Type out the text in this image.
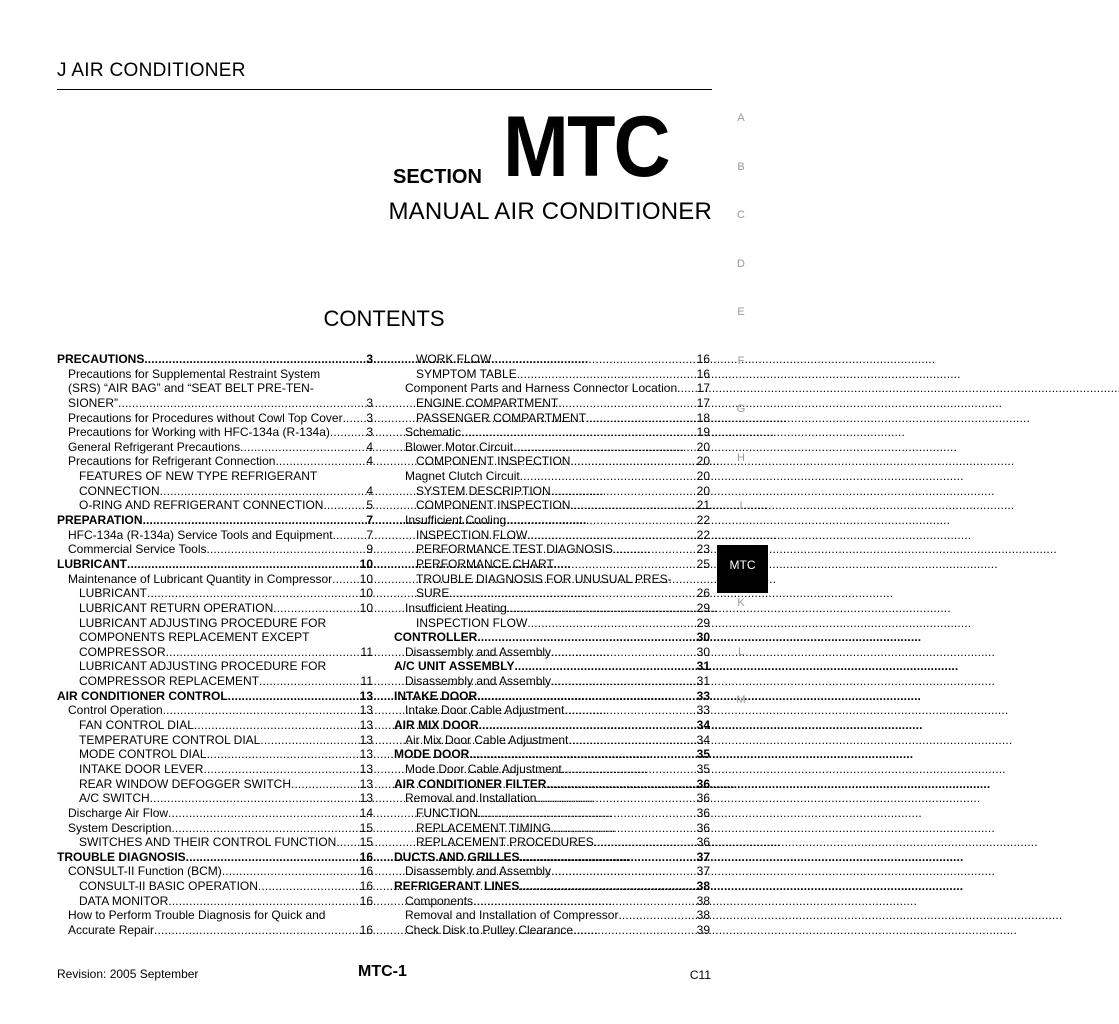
J AIR CONDITIONER
SECTION MTC
MANUAL AIR CONDITIONER
CONTENTS
PRECAUTIONS . . .	3
Precautions for Supplemental Restraint System
(SRS) “AIR BAG” and “SEAT BELT PRE-TEN-
SIONER” . . .	3
Precautions for Procedures without Cowl Top Cover . . . 3
Precautions for Working with HFC-134a (R-134a) . . .	3
General Refrigerant Precautions . . .	4
Precautions for Refrigerant Connection . . .	4
FEATURES OF NEW TYPE REFRIGERANT
CONNECTION . . .	4
O-RING AND REFRIGERANT CONNECTION . . .	5
PREPARATION . . .	7
HFC-134a (R-134a) Service Tools and Equipment . . .	7
Commercial Service Tools . . .	9
LUBRICANT . . .	10
Maintenance of Lubricant Quantity in Compressor . . . 10
LUBRICANT . . .	10
LUBRICANT RETURN OPERATION . . .	10
LUBRICANT ADJUSTING PROCEDURE FOR
COMPONENTS REPLACEMENT EXCEPT
COMPRESSOR . . .	11
LUBRICANT ADJUSTING PROCEDURE FOR
COMPRESSOR REPLACEMENT . . .	11
AIR CONDITIONER CONTROL . . .	13
Control Operation . . .	13
FAN CONTROL DIAL . . .	13
TEMPERATURE CONTROL DIAL . . .	13
MODE CONTROL DIAL . . .	13
INTAKE DOOR LEVER . . .	13
REAR WINDOW DEFOGGER SWITCH . . .	13
A/C SWITCH . . .	13
Discharge Air Flow . . .	14
System Description . . .	15
SWITCHES AND THEIR CONTROL FUNCTION . . . 15
TROUBLE DIAGNOSIS . . .	16
CONSULT-II Function (BCM) . . .	16
CONSULT-II BASIC OPERATION . . .	16
DATA MONITOR . . .	16
How to Perform Trouble Diagnosis for Quick and
Accurate Repair . . .	16
WORK FLOW . . .	16
SYMPTOM TABLE . . .	16
Component Parts and Harness Connector Location . . . 17
ENGINE COMPARTMENT . . .	17
PASSENGER COMPARTMENT . . .	18
Schematic . . .	19
Blower Motor Circuit . . .	20
COMPONENT INSPECTION . . .	20
Magnet Clutch Circuit . . .	20
SYSTEM DESCRIPTION . . .	20
COMPONENT INSPECTION . . .	21
Insufficient Cooling . . .	22
INSPECTION FLOW . . .	22
PERFORMANCE TEST DIAGNOSIS . . .	23
PERFORMANCE CHART . . .	25
TROUBLE DIAGNOSIS FOR UNUSUAL PRES-
SURE . . .	26
Insufficient Heating . . .	29
INSPECTION FLOW . . .	29
CONTROLLER . . .	30
Disassembly and Assembly . . .	30
A/C UNIT ASSEMBLY . . .	31
Disassembly and Assembly . . .	31
INTAKE DOOR . . .	33
Intake Door Cable Adjustment . . .	33
AIR MIX DOOR . . .	34
Air Mix Door Cable Adjustment . . .	34
MODE DOOR . . .	35
Mode Door Cable Adjustment . . .	35
AIR CONDITIONER FILTER . . .	36
Removal and Installation . . .	36
FUNCTION . . .	36
REPLACEMENT TIMING . . .	36
REPLACEMENT PROCEDURES . . .	36
DUCTS AND GRILLES . . .	37
Disassembly and Assembly . . .	37
REFRIGERANT LINES . . .	38
Components . . .	38
Removal and Installation of Compressor . . .	38
Check Disk to Pulley Clearance . . .	39
A
B
C
D
E
F
G
H
I
MTC
K
L
M
Revision: 2005 September	MTC-1	C11
